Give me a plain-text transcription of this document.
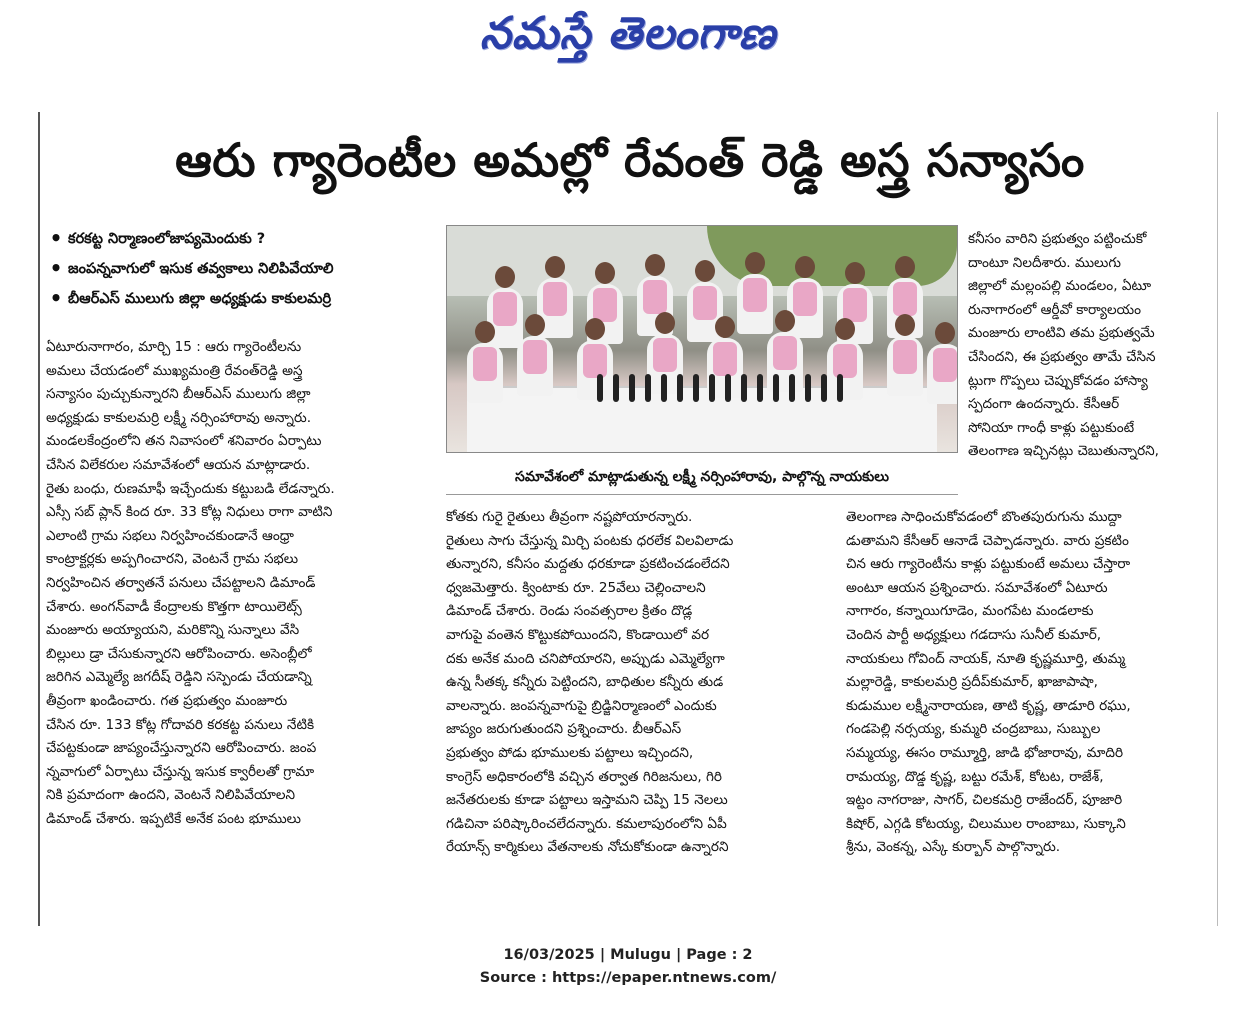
నమస్తే తెలంగాణ
ఆరు గ్యారెంటీల అమల్లో రేవంత్ రెడ్డి అస్త్ర సన్యాసం
• కరకట్ట నిర్మాణంలోజాప్యమెందుకు ?
• జంపన్నవాగులో ఇసుక తవ్వకాలు నిలిపివేయాలి
• బీఆర్ఎస్ ములుగు జిల్లా అధ్యక్షుడు కాకులమర్రి

ఏటూరునాగారం, మార్చి 15 : ఆరు గ్యారెంటీలను

అమలు చేయడంలో ముఖ్యమంత్రి రేవంత్‌రెడ్డి అస్త్ర

సన్యాసం పుచ్చుకున్నారని బీఆర్ఎస్ ములుగు జిల్లా

అధ్యక్షుడు కాకులమర్రి లక్ష్మీ నర్సింహారావు అన్నారు.

మండలకేంద్రంలోని తన నివాసంలో శనివారం ఏర్పాటు

చేసిన విలేకరుల సమావేశంలో ఆయన మాట్లాడారు.

రైతు బంధు, రుణమాఫీ ఇచ్చేందుకు కట్టుబడి లేడన్నారు.

ఎస్సీ సబ్ ప్లాన్ కింద రూ. 33 కోట్ల నిధులు రాగా వాటిని

ఎలాంటి గ్రామ సభలు నిర్వహించకుండానే ఆంధ్రా

కాంట్రాక్టర్లకు అప్పగించారని, వెంటనే గ్రామ సభలు

నిర్వహించిన తర్వాతనే పనులు చేపట్టాలని డిమాండ్

చేశారు. అంగన్‌వాడీ కేంద్రాలకు కొత్తగా టాయిలెట్స్

మంజూరు అయ్యాయని, మరికొన్ని సున్నాలు వేసి

బిల్లులు డ్రా చేసుకున్నారని ఆరోపించారు. అసెంబ్లీలో

జరిగిన ఎమ్మెల్యే జగదీష్ రెడ్డిని సస్పెండు చేయడాన్ని

తీవ్రంగా ఖండించారు. గత ప్రభుత్వం మంజూరు

చేసిన రూ. 133 కోట్ల గోదావరి కరకట్ట పనులు నేటికి

చేపట్టకుండా జాప్యంచేస్తున్నారని ఆరోపించారు. జంప

న్నవాగులో ఏర్పాటు చేస్తున్న ఇసుక క్వారీలతో గ్రామా

నికి ప్రమాదంగా ఉందని, వెంటనే నిలిపివేయాలని

డిమాండ్ చేశారు. ఇప్పటికే అనేక పంట భూములు

సమావేశంలో మాట్లాడుతున్న లక్ష్మీ నర్సింహారావు, పాల్గొన్న నాయకులు

కనీసం వారిని ప్రభుత్వం పట్టించుకో

దాంటూ నిలదీశారు. ములుగు

జిల్లాలో మల్లంపల్లి మండలం, ఏటూ

రునాగారంలో ఆర్డీవో కార్యాలయం

మంజూరు లాంటివి తమ ప్రభుత్వమే

చేసిందని, ఈ ప్రభుత్వం తామే చేసిన

ట్లుగా గొప్పలు చెప్పుకోవడం హాస్యా

స్పదంగా ఉందన్నారు. కేసీఆర్

సోనియా గాంధీ కాళ్లు పట్టుకుంటే

తెలంగాణ ఇచ్చినట్లు చెబుతున్నారని,

కోతకు గురై రైతులు తీవ్రంగా నష్టపోయారన్నారు.

రైతులు సాగు చేస్తున్న మిర్చి పంటకు ధరలేక విలవిలాడు

తున్నారని, కనీసం మద్దతు ధరకూడా ప్రకటించడంలేదని

ధ్వజమెత్తారు. క్వింటాకు రూ. 25వేలు చెల్లించాలని

డిమాండ్ చేశారు. రెండు సంవత్సరాల క్రితం దొడ్ల

వాగుపై వంతెన కొట్టుకపోయిందని, కొండాయిలో వర

దకు అనేక మంది చనిపోయారని, అప్పుడు ఎమ్మెల్యేగా

ఉన్న సీతక్క కన్నీరు పెట్టిందని, బాధితుల కన్నీరు తుడ

వాలన్నారు. జంపన్నవాగుపై బ్రిడ్జినిర్మాణంలో ఎందుకు

జాప్యం జరుగుతుందని ప్రశ్నించారు. బీఆర్ఎస్

ప్రభుత్వం పోడు భూములకు పట్టాలు ఇచ్చిందని,

కాంగ్రెస్ అధికారంలోకి వచ్చిన తర్వాత గిరిజనులు, గిరి

జనేతరులకు కూడా పట్టాలు ఇస్తామని చెప్పి 15 నెలలు

గడిచినా పరిష్కారించలేదన్నారు. కమలాపురంలోని ఏపీ

రేయాన్స్ కార్మికులు వేతనాలకు నోచుకోకుండా ఉన్నారని

తెలంగాణ సాధించుకోవడంలో బొంతపురుగును ముద్దా

డుతామని కేసీఆర్ ఆనాడే చెప్పాడన్నారు. వారు ప్రకటిం

చిన ఆరు గ్యారెంటీను కాళ్లు పట్టుకుంటే అమలు చేస్తారా

అంటూ ఆయన ప్రశ్నించారు. సమావేశంలో ఏటూరు

నాగారం, కన్నాయిగూడెం, మంగపేట మండలాకు

చెందిన పార్టీ అధ్యక్షులు గడదాసు సునీల్ కుమార్,

నాయకులు గోవింద్ నాయక్, నూతి కృష్ణమూర్తి, తుమ్మ

మల్లారెడ్డి, కాకులమర్రి ప్రదీప్‌కుమార్, ఖాజాపాషా,

కుడుముల లక్ష్మీనారాయణ, తాటి కృష్ణ, తాడూరి రఘు,

గండపెల్లి నర్సయ్య, కుమ్మరి చంద్రబాబు, సుబ్బుల

సమ్మయ్య, ఈసం రామ్మూర్తి, జాడి భోజారావు, మాదిరి

రామయ్య, దొడ్డ కృష్ణ, బట్టు రమేశ్, కోటట, రాజేశ్,

ఇట్టం నాగరాజు, సాగర్, చిలకమర్రి రాజేందర్, పూజారి

కిషోర్, ఎగ్గడి కోటయ్య, చిలుముల రాంబాబు, సుక్కాని

శ్రీను, వెంకన్న, ఎస్కే కుర్బాన్ పాల్గొన్నారు.

16/03/2025 | Mulugu | Page : 2
Source : https://epaper.ntnews.com/
